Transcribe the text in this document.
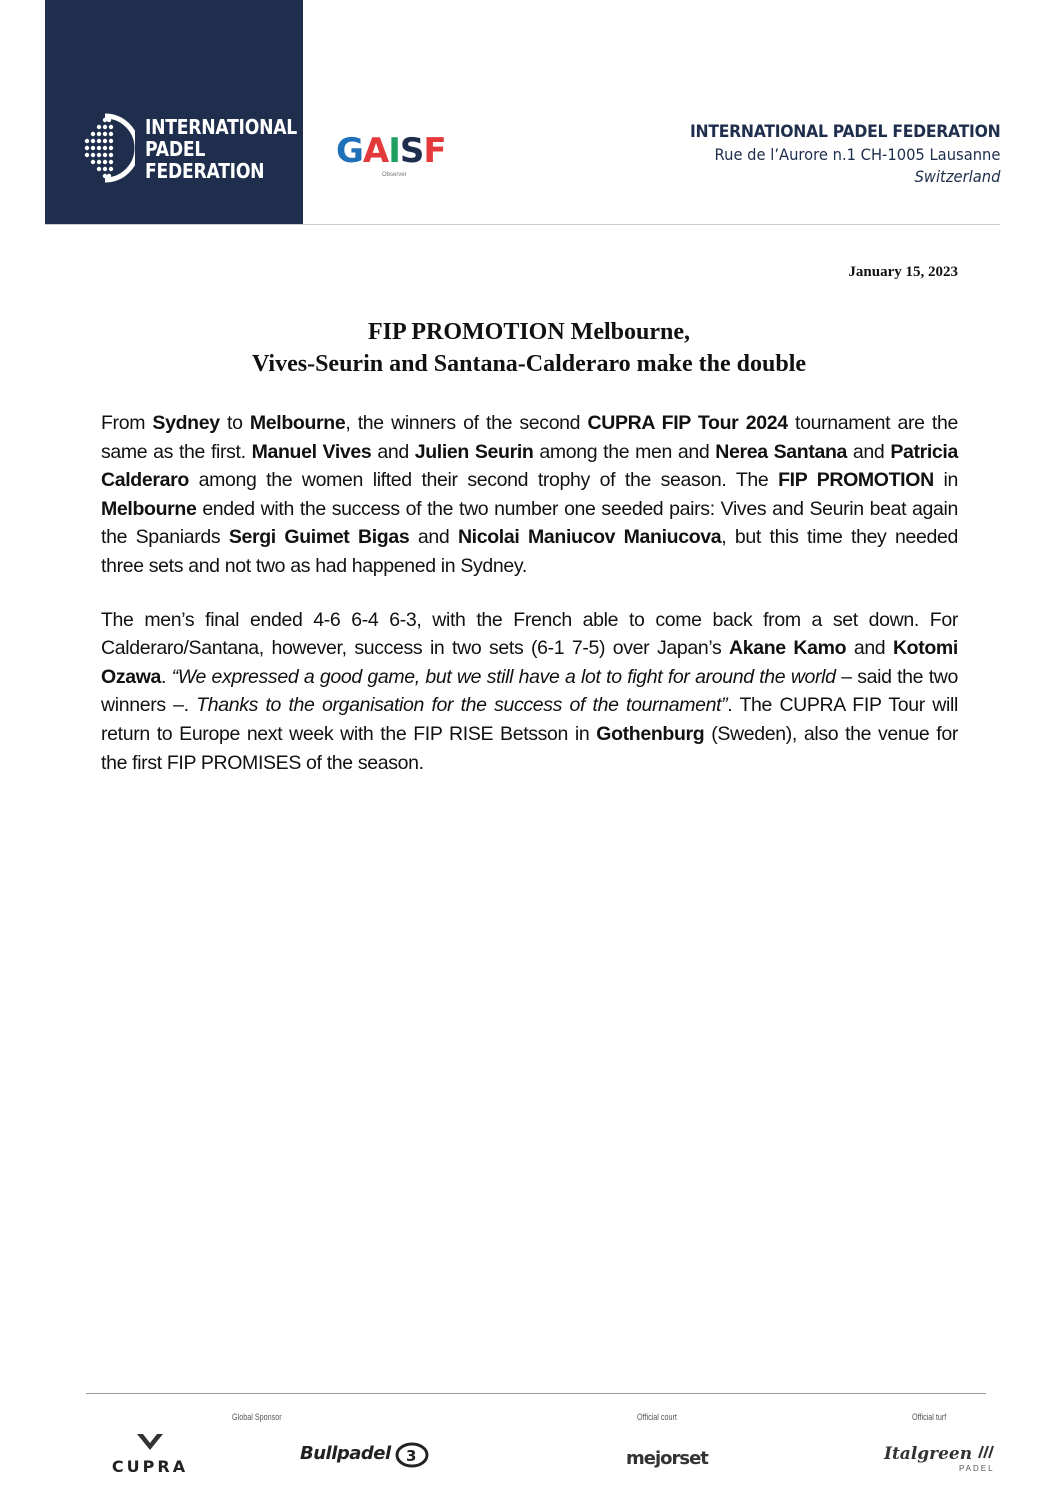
INTERNATIONAL
PADEL
FEDERATION	GAISF
Observer
INTERNATIONAL PADEL FEDERATION
Rue de l’Aurore n.1 CH-1005 Lausanne
Switzerland
January 15, 2023
FIP PROMOTION Melbourne,
Vives-Seurin and Santana-Calderaro make the double

From Sydney to Melbourne, the winners of the second CUPRA FIP Tour 2024 tournament are the same as the first. Manuel Vives and Julien Seurin among the men and Nerea Santana and Patricia Calderaro among the women lifted their second trophy of the season. The FIP PROMOTION in Melbourne ended with the success of the two number one seeded pairs: Vives and Seurin beat again the Spaniards Sergi Guimet Bigas and Nicolai Maniucov Maniucova, but this time they needed three sets and not two as had happened in Sydney.

The men’s final ended 4-6 6-4 6-3, with the French able to come back from a set down. For Calderaro/Santana, however, success in two sets (6-1 7-5) over Japan’s Akane Kamo and Kotomi Ozawa. “We expressed a good game, but we still have a lot to fight for around the world – said the two winners –. Thanks to the organisation for the success of the tournament”. The CUPRA FIP Tour will return to Europe next week with the FIP RISE Betsson in Gothenburg (Sweden), also the venue for the first FIP PROMISES of the season.

Global Sponsor	Official court	Official turf
CUPRA
Bullpadel 3	mejorset	Italgreen
PADEL
